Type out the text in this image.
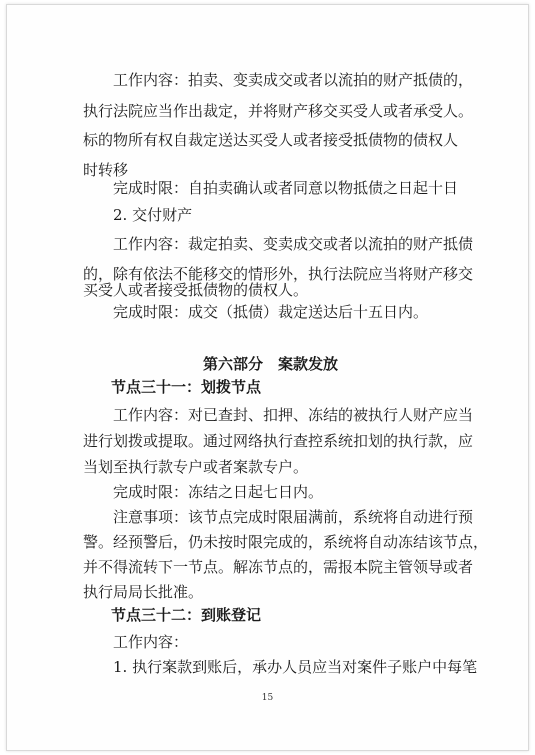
工作内容：拍卖、变卖成交或者以流拍的财产抵债的，
执行法院应当作出裁定，并将财产移交买受人或者承受人。
标的物所有权自裁定送达买受人或者接受抵债物的债权人
时转移
完成时限：自拍卖确认或者同意以物抵债之日起十日
2. 交付财产
工作内容：裁定拍卖、变卖成交或者以流拍的财产抵债
的，除有依法不能移交的情形外，执行法院应当将财产移交
买受人或者接受抵债物的债权人。
完成时限：成交（抵债）裁定送达后十五日内。
第六部分　案款发放
节点三十一：划拨节点
工作内容：对已查封、扣押、冻结的被执行人财产应当
进行划拨或提取。通过网络执行查控系统扣划的执行款，应
当划至执行款专户或者案款专户。
完成时限：冻结之日起七日内。
注意事项：该节点完成时限届满前，系统将自动进行预
警。经预警后，仍未按时限完成的，系统将自动冻结该节点，
并不得流转下一节点。解冻节点的，需报本院主管领导或者
执行局局长批准。
节点三十二：到账登记
工作内容：
1. 执行案款到账后，承办人员应当对案件子账户中每笔
15
